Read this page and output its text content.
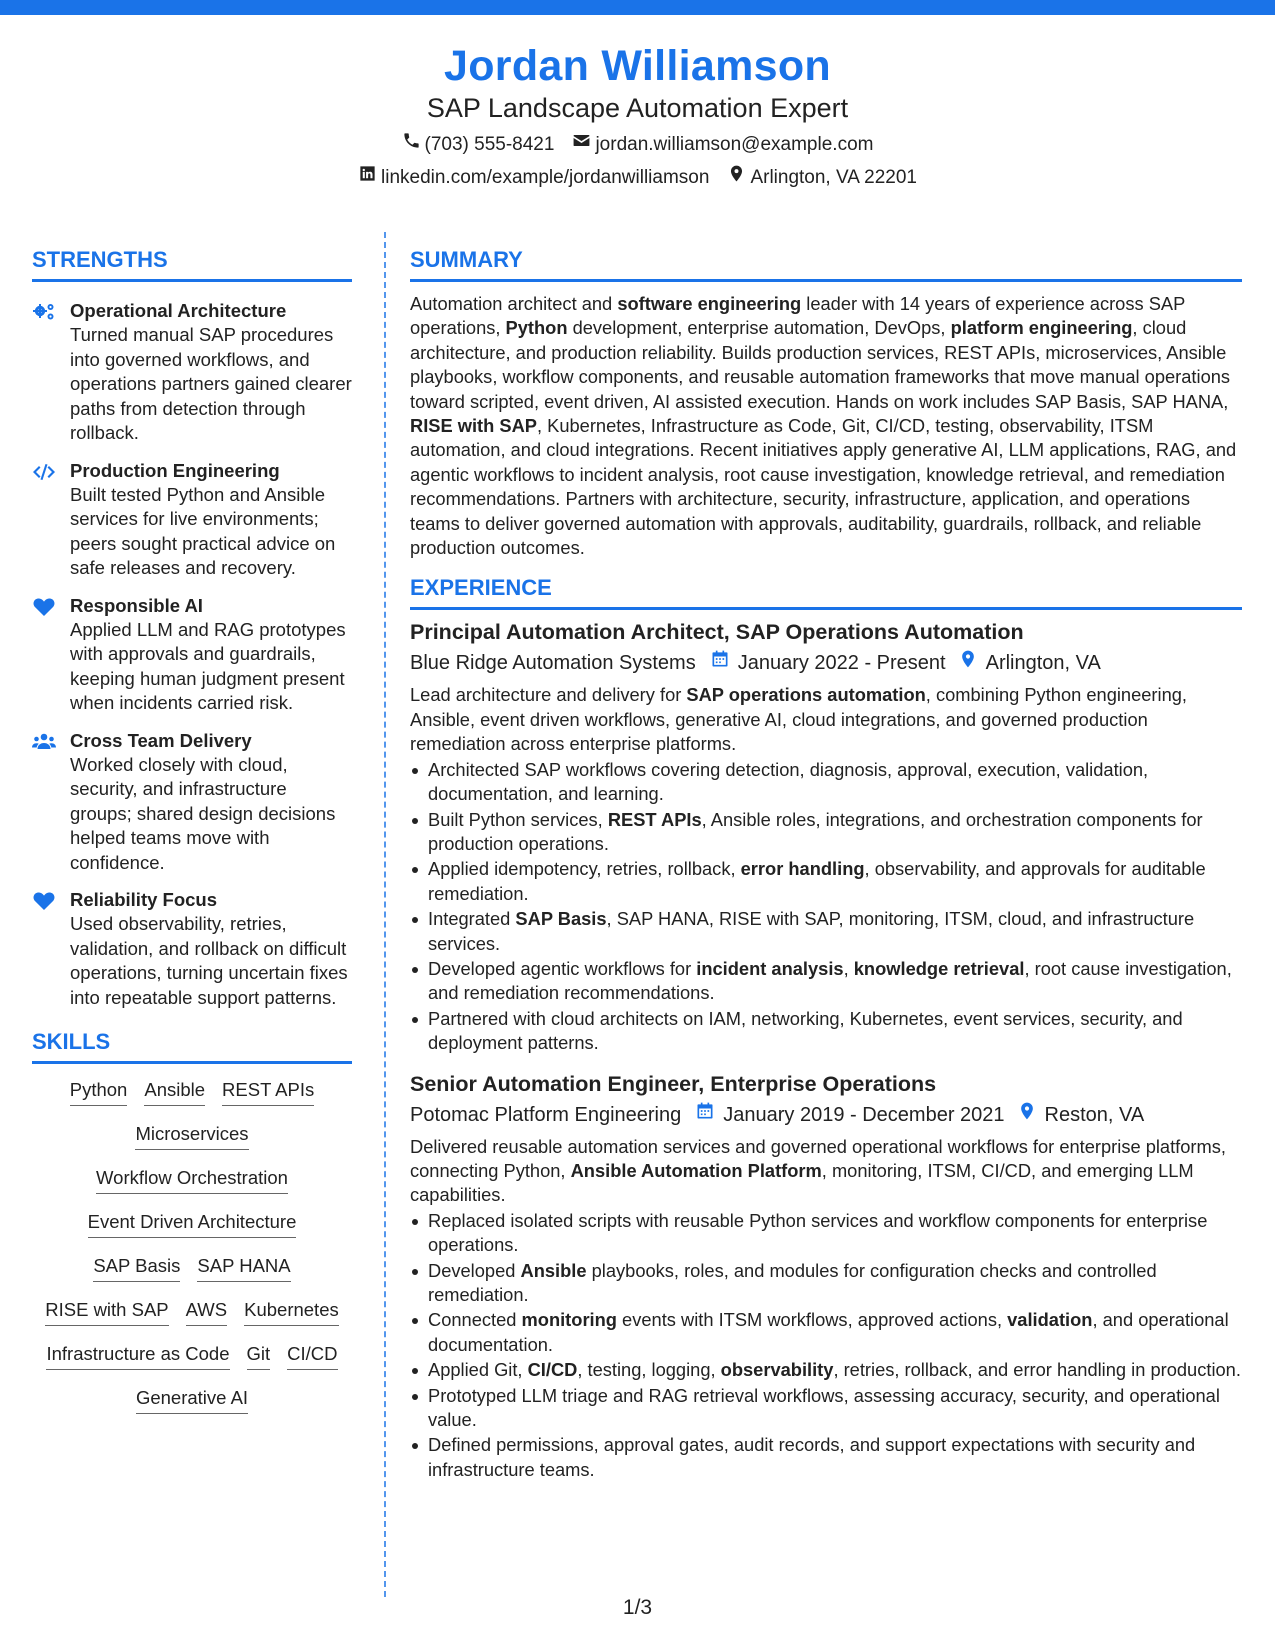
Jordan Williamson
SAP Landscape Automation Expert
(703) 555-8421 jordan.williamson@example.com
linkedin.com/example/jordanwilliamson Arlington, VA 22201
STRENGTHS
Operational Architecture
Turned manual SAP procedures into governed workflows, and operations partners gained clearer paths from detection through rollback.
Production Engineering
Built tested Python and Ansible services for live environments; peers sought practical advice on safe releases and recovery.
Responsible AI
Applied LLM and RAG prototypes with approvals and guardrails, keeping human judgment present when incidents carried risk.
Cross Team Delivery
Worked closely with cloud, security, and infrastructure groups; shared design decisions helped teams move with confidence.
Reliability Focus
Used observability, retries, validation, and rollback on difficult operations, turning uncertain fixes into repeatable support patterns.
SKILLS
Python Ansible REST APIs
Microservices
Workflow Orchestration
Event Driven Architecture
SAP Basis SAP HANA
RISE with SAP AWS Kubernetes
Infrastructure as Code Git CI/CD
Generative AI
SUMMARY
Automation architect and software engineering leader with 14 years of experience across SAP operations, Python development, enterprise automation, DevOps, platform engineering, cloud architecture, and production reliability. Builds production services, REST APIs, microservices, Ansible playbooks, workflow components, and reusable automation frameworks that move manual operations toward scripted, event driven, AI assisted execution. Hands on work includes SAP Basis, SAP HANA, RISE with SAP, Kubernetes, Infrastructure as Code, Git, CI/CD, testing, observability, ITSM automation, and cloud integrations. Recent initiatives apply generative AI, LLM applications, RAG, and agentic workflows to incident analysis, root cause investigation, knowledge retrieval, and remediation recommendations. Partners with architecture, security, infrastructure, application, and operations teams to deliver governed automation with approvals, auditability, guardrails, rollback, and reliable production outcomes.
EXPERIENCE
Principal Automation Architect, SAP Operations Automation
Blue Ridge Automation Systems January 2022 - Present Arlington, VA
Lead architecture and delivery for SAP operations automation, combining Python engineering, Ansible, event driven workflows, generative AI, cloud integrations, and governed production remediation across enterprise platforms.
Architected SAP workflows covering detection, diagnosis, approval, execution, validation, documentation, and learning.
Built Python services, REST APIs, Ansible roles, integrations, and orchestration components for production operations.
Applied idempotency, retries, rollback, error handling, observability, and approvals for auditable remediation.
Integrated SAP Basis, SAP HANA, RISE with SAP, monitoring, ITSM, cloud, and infrastructure services.
Developed agentic workflows for incident analysis, knowledge retrieval, root cause investigation, and remediation recommendations.
Partnered with cloud architects on IAM, networking, Kubernetes, event services, security, and deployment patterns.
Senior Automation Engineer, Enterprise Operations
Potomac Platform Engineering January 2019 - December 2021 Reston, VA
Delivered reusable automation services and governed operational workflows for enterprise platforms, connecting Python, Ansible Automation Platform, monitoring, ITSM, CI/CD, and emerging LLM capabilities.
Replaced isolated scripts with reusable Python services and workflow components for enterprise operations.
Developed Ansible playbooks, roles, and modules for configuration checks and controlled remediation.
Connected monitoring events with ITSM workflows, approved actions, validation, and operational documentation.
Applied Git, CI/CD, testing, logging, observability, retries, rollback, and error handling in production.
Prototyped LLM triage and RAG retrieval workflows, assessing accuracy, security, and operational value.
Defined permissions, approval gates, audit records, and support expectations with security and infrastructure teams.
1/3
